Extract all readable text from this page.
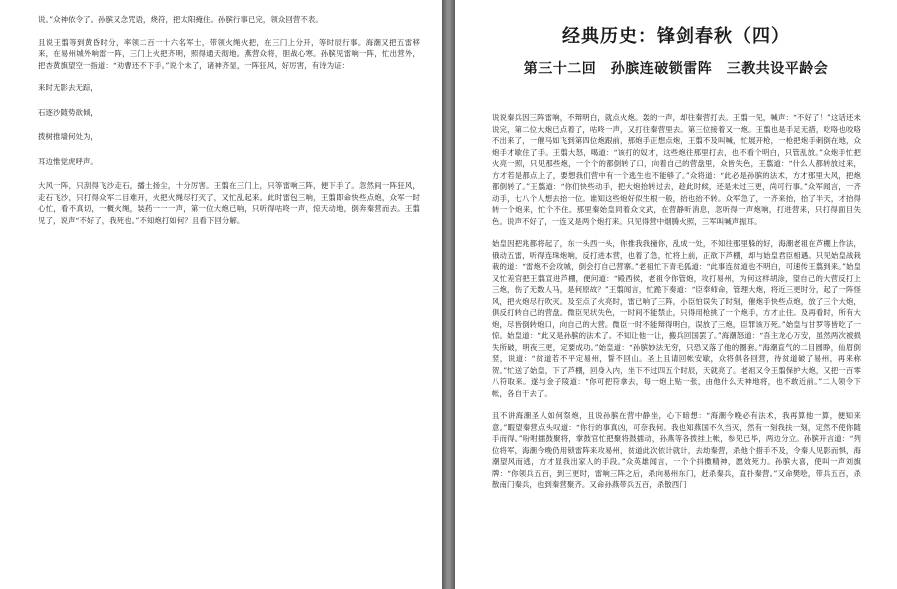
说。”众神依令了。孙膑又念咒语，烧符，把太阳掩住。孙膑行事已完，领众回营不表。

且说王翦等到黄昏时分，率领二百一十六名军士，带领火绳火把，在三门上分开，等时辰行事。海潮又把五雷移来，在易州城外响雷一阵，三门上火把齐明，照得通天彻地。燕营众将，胆战心寒。孙膑见雷响一阵，忙出营外，把杏黄旗望空一指道：“劝曹还不下手。”说个未了，诸神齐显，一阵狂风，好厉害，有诗为证：

来时无影去无踪，

石逐沙随势欲倾，

拨树推墙何处为，

耳边惟觉虎呼声。

大风一阵，只刮得飞沙走石，播土扬尘，十分厉害。王翦在三门上，只等雷响三阵，便下手了。忽然间一阵狂风，走石飞沙，只打得众军二目难开，火把火绳尽打灭了，又忙乱起来。此时雷包三响，王翦即命快些点炮，众军一时心忙，看不真切，一概火绳，装药一一一声，第一位大炮已响，只听得咕咚一声，惊天动地，倒奔秦营而去。王翦见了，说声“不好了，我死也。”不知炮打如何？且看下回分解。

经典历史：锋剑春秋（四）
第三十二回　孙膑连破锁雷阵　三教共设平龄会

说说秦兵因三阵雷响，不辩明白，就点火炮。轰的一声，却往秦营打去。王翦一见，喊声：“不好了！”这话还未说完，第二位大炮已点着了，咕咚一声，又打往秦营里去。第三位接着又一炮。王翦也是手足无措，吃咯也咬咯不出来了，一催马如飞到第四位炮跟前，那炮手正想点炮，王翦不及叫喊，忙展开枪，一枪把炮手刺倒在地，众炮手才歇住了手。王翦大怒，喝道：“该打的奴才，这些炮往那里打去，也不看个明白，只管乱放。”众炮手忙把火亮一照，只见那些炮，一个个的都倒转了口，向着自己的营盘里，众皆失色，王翦道：“什么人都转放过来，方才若是都点上了，要想我们营中有一个逃生也不能够了。”众将道：“此必是孙膑的法术，方才那里大风，把炮都倒转了。”王翦道：“你们快些动手，把大炮抬转过去，趁此时候，还是未过三更，尚可行事。”众军闻言，一齐动手，七八个人想去抬一位。谁知这些炮好似生根一般，抬也抬不转。众军急了，一齐来抬，抬了半天，才抬得转一个炮来，忙个不住。那里秦始皇同着众文武，在营静听消息，忽听得一声炮响，打进营来，只打得面目失色。说声不好了，一连又是两个炮打来。只见得营中烟腾火照，三军叫喊声振耳。

始皇因把兆都将起了，东一头西一头，你推我我撞你，乱成一处，不知往那里躲的好，海潮老祖在芦棚上作法，俄动五雷，听得连珠炮响，反打进本营，也着了急，忙将上前，正欲下芦棚，却与始皇君臣相遇。只见始皇战栽栽的道：“雷炮不会攻城，倒会打自己营寨。”老祖忙下青毛狐道：“此事连贫道也不明白，可速传王翦到来。”始皇又忙差官把王翦宣进芦棚，便问道：“殿西侯，老祖令你管炮，攻打易州，为何这样胡涂，望自己的大营反打上三炮，伤了无数人马，是何原故？”王翦闻言，忙跪下奏道：“臣奉师命，管理大炮，将近三更时分，起了一阵怪风，把火炮尽行吹灭。及至点了火亮时，雷已响了三阵，小臣怕误失了时刻，催炮手快些点炮，放了三个大炮，俱反打转自己的营盘。微臣见状失色，一时间不能禁止，只得用枪挑了一个炮手，方才止住。及再看时，所有大炮，尽皆倒转炮口，向自己的大营。微臣一时不能辩得明白，误放了三炮，臣罪该万死。”始皇与甘罗等皆吃了一惊。始皇道：“此又是孙膑的法术了。不知让他一让，搬兵回国罢了。”海潮怒道：“吾主龙心万安，虽然两次被损失所破，明夜三更，定要成功。”始皇道：“孙膑妙法无穷，只恐又落了他的圈套。”海潮直气的二目圆睁，仙眉倒竖，说道：“贫道若不平定易州，誓不回山。圣上且请回帐安歇，众将俱各回营，待贫道破了易州，再来称贺。”忙送了始皇，下了芦棚，回身入内，坐下不过四五个时辰，天就亮了。老祖又令王翦保护大炮，又把一百零八符取来。遂与金子陵道：“你可把符拿去，每一炮上贴一张，由他什么天神地将，也不敢近前。”二人领令下帐，各自干去了。

且不讲海潮圣人如何祭炮，且说孙膑在营中静坐，心下暗想：“海潮今晚必有法术，我再算他一算，便知来意。”暇望秦营点头叹道：“你行的事真凶，可奈我何。我也知燕国不久当灭，然有一刻我扶一刻，定然不使你随手而得。”吩咐擂鼓聚将，掌鼓官忙把聚将鼓擂动，孙燕等各拨挂上帐，参见已毕，两边分立。孙膑开言道：“列位将军，海潮今晚仍用锁雷阵来攻易州，贫道此次依计就计，去劫秦营，杀他个措手不及，令秦人见影而惧，海潮望风而逃，方才显我出家人的手段。”众英雄闻言，一个个抖擞精神，愿效死力。孙膑大喜，使叫一声刘旗牌：“你领兵五百，到三更时，雷响三阵之后，杀向易州东门，赶杀秦兵，直扑秦营。”又命樊哙，带兵五百，杀散南门秦兵，也到秦营聚齐。又命孙燕带兵五百，杀散西门
